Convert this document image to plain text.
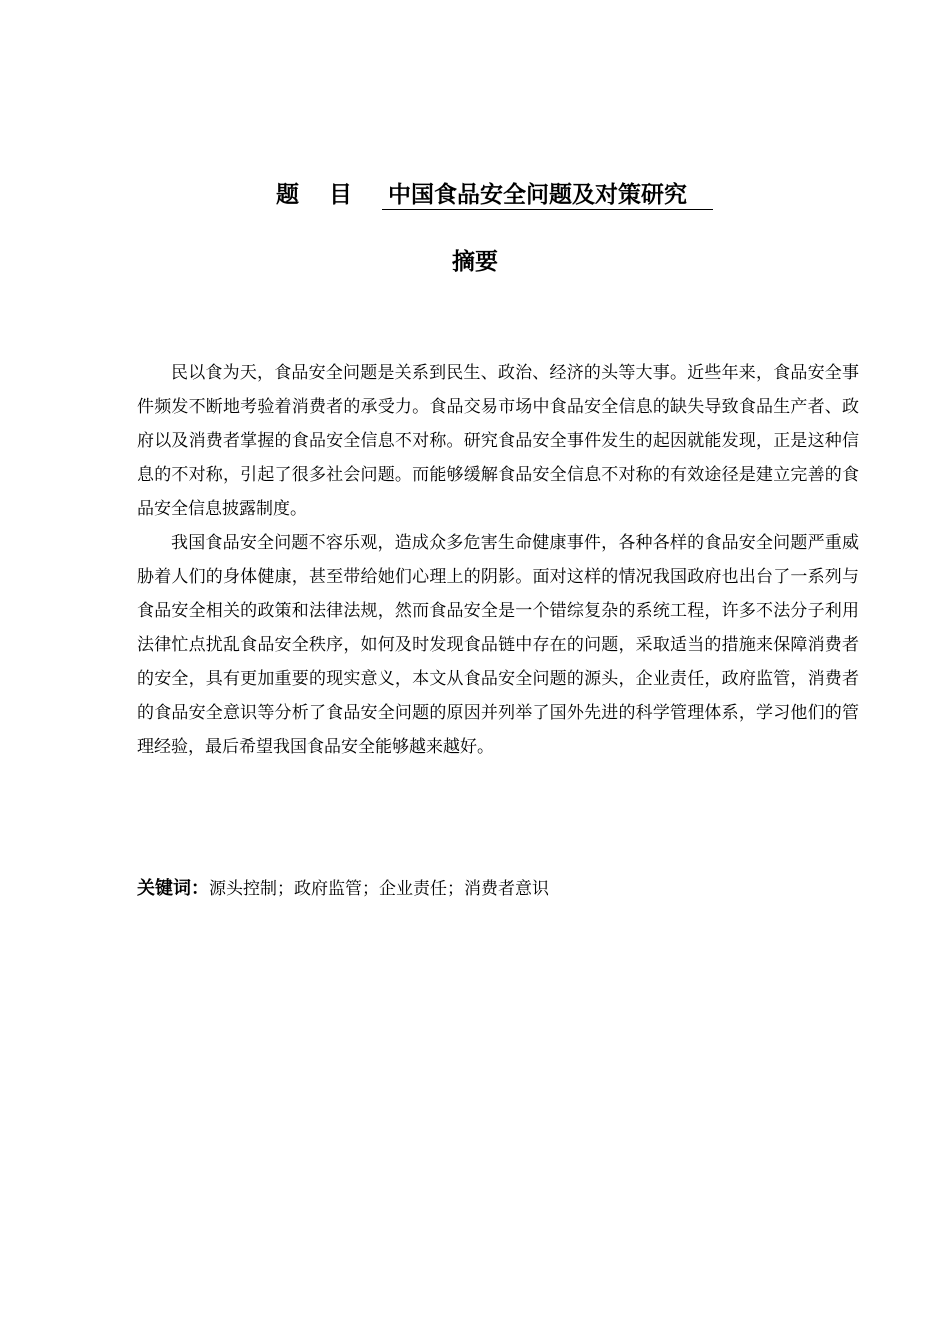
题目 中国食品安全问题及对策研究
摘要

民以食为天，食品安全问题是关系到民生、政治、经济的头等大事。近些年来，食品安全事件频发不断地考验着消费者的承受力。食品交易市场中食品安全信息的缺失导致食品生产者、政府以及消费者掌握的食品安全信息不对称。研究食品安全事件发生的起因就能发现，正是这种信息的不对称，引起了很多社会问题。而能够缓解食品安全信息不对称的有效途径是建立完善的食品安全信息披露制度。

我国食品安全问题不容乐观，造成众多危害生命健康事件，各种各样的食品安全问题严重威胁着人们的身体健康，甚至带给她们心理上的阴影。面对这样的情况我国政府也出台了一系列与食品安全相关的政策和法律法规，然而食品安全是一个错综复杂的系统工程，许多不法分子利用法律忙点扰乱食品安全秩序，如何及时发现食品链中存在的问题，采取适当的措施来保障消费者的安全，具有更加重要的现实意义，本文从食品安全问题的源头，企业责任，政府监管，消费者的食品安全意识等分析了食品安全问题的原因并列举了国外先进的科学管理体系，学习他们的管理经验，最后希望我国食品安全能够越来越好。

关键词：源头控制；政府监管；企业责任；消费者意识
